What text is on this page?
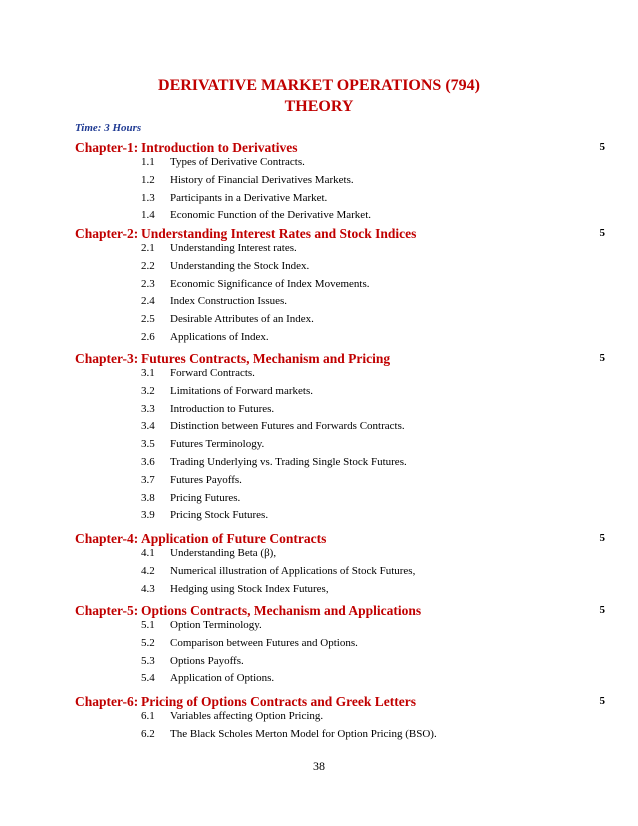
DERIVATIVE MARKET OPERATIONS (794)
THEORY
Time: 3 Hours
Chapter-1: Introduction to Derivatives	5
1.1 Types of Derivative Contracts.
1.2 History of Financial Derivatives Markets.
1.3 Participants in a Derivative Market.
1.4 Economic Function of the Derivative Market.
Chapter-2: Understanding Interest Rates and Stock Indices	5
2.1 Understanding Interest rates.
2.2 Understanding the Stock Index.
2.3 Economic Significance of Index Movements.
2.4 Index Construction Issues.
2.5 Desirable Attributes of an Index.
2.6 Applications of Index.
Chapter-3: Futures Contracts, Mechanism and Pricing	5
3.1 Forward Contracts.
3.2 Limitations of Forward markets.
3.3 Introduction to Futures.
3.4 Distinction between Futures and Forwards Contracts.
3.5 Futures Terminology.
3.6 Trading Underlying vs. Trading Single Stock Futures.
3.7 Futures Payoffs.
3.8 Pricing Futures.
3.9 Pricing Stock Futures.
Chapter-4: Application of Future Contracts	5
4.1 Understanding Beta (β),
4.2 Numerical illustration of Applications of Stock Futures,
4.3 Hedging using Stock Index Futures,
Chapter-5: Options Contracts, Mechanism and Applications	5
5.1 Option Terminology.
5.2 Comparison between Futures and Options.
5.3 Options Payoffs.
5.4 Application of Options.
Chapter-6: Pricing of Options Contracts and Greek Letters	5
6.1 Variables affecting Option Pricing.
6.2 The Black Scholes Merton Model for Option Pricing (BSO).
38
